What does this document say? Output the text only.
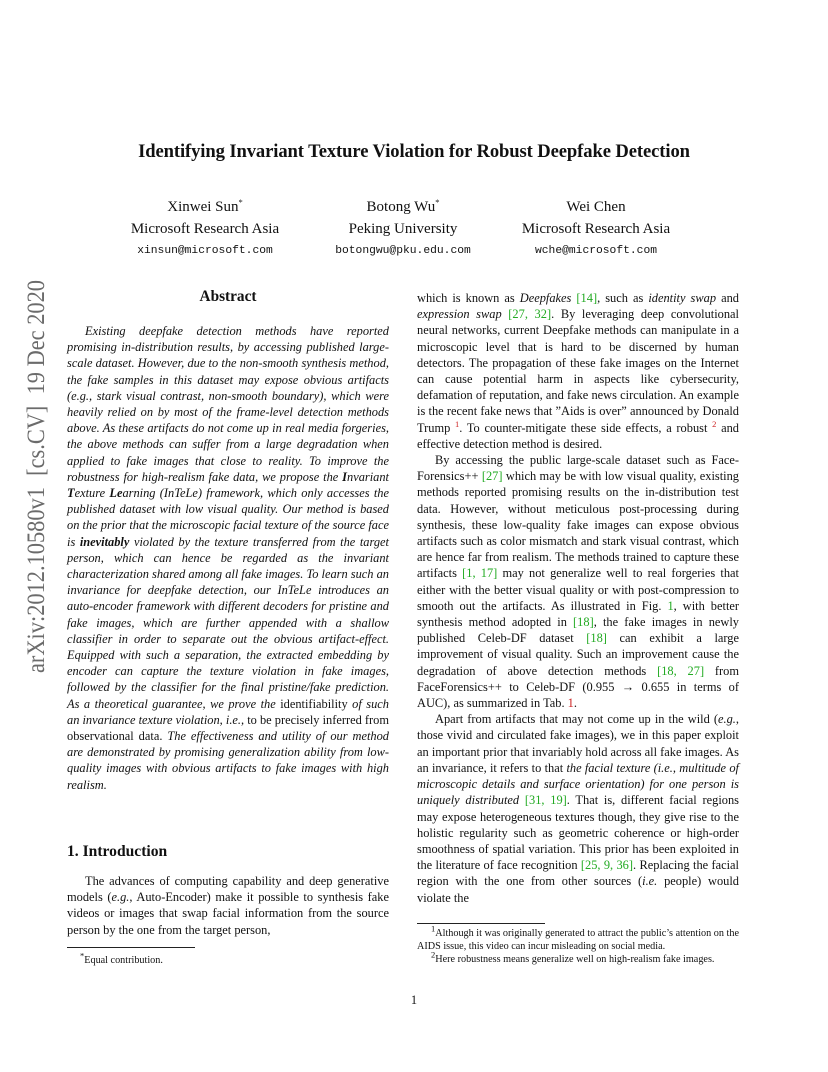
Identifying Invariant Texture Violation for Robust Deepfake Detection
Xinwei Sun*
Microsoft Research Asia
xinsun@microsoft.com
Botong Wu*
Peking University
botongwu@pku.edu.com
Wei Chen
Microsoft Research Asia
wche@microsoft.com
arXiv:2012.10580v1  [cs.CV]  19 Dec 2020	Abstract

Existing deepfake detection methods have reported promising in-distribution results, by accessing published large-scale dataset. However, due to the non-smooth synthesis method, the fake samples in this dataset may expose obvious artifacts (e.g., stark visual contrast, non-smooth boundary), which were heavily relied on by most of the frame-level detection methods above. As these artifacts do not come up in real media forgeries, the above methods can suffer from a large degradation when applied to fake images that close to reality. To improve the robustness for high-realism fake data, we propose the Invariant Texture Learning (InTeLe) framework, which only accesses the published dataset with low visual quality. Our method is based on the prior that the microscopic facial texture of the source face is inevitably violated by the texture transferred from the target person, which can hence be regarded as the invariant characterization shared among all fake images. To learn such an invariance for deepfake detection, our InTeLe introduces an auto-encoder framework with different decoders for pristine and fake images, which are further appended with a shallow classifier in order to separate out the obvious artifact-effect. Equipped with such a separation, the extracted embedding by encoder can capture the texture violation in fake images, followed by the classifier for the final pristine/fake prediction. As a theoretical guarantee, we prove the identifiability of such an invariance texture violation, i.e., to be precisely inferred from observational data. The effectiveness and utility of our method are demonstrated by promising generalization ability from low-quality images with obvious artifacts to fake images with high realism.

1. Introduction

The advances of computing capability and deep generative models (e.g., Auto-Encoder) make it possible to synthesis fake videos or images that swap facial information from the source person by the one from the target person,

*Equal contribution.

which is known as Deepfakes [14], such as identity swap and expression swap [27, 32]. By leveraging deep convolutional neural networks, current Deepfake methods can manipulate in a microscopic level that is hard to be discerned by human detectors. The propagation of these fake images on the Internet can cause potential harm in aspects like cybersecurity, defamation of reputation, and fake news circulation. An example is the recent fake news that ”Aids is over” announced by Donald Trump $^1$. To counter-mitigate these side effects, a robust $^2$ and effective detection method is desired.

By accessing the public large-scale dataset such as Face-Forensics++ [27] which may be with low visual quality, existing methods reported promising results on the in-distribution test data. However, without meticulous post-processing during synthesis, these low-quality fake images can expose obvious artifacts such as color mismatch and stark visual contrast, which are hence far from realism. The methods trained to capture these artifacts [1, 17] may not generalize well to real forgeries that either with the better visual quality or with post-compression to smooth out the artifacts. As illustrated in Fig. 1, with better synthesis method adopted in [18], the fake images in newly published Celeb-DF dataset [18] can exhibit a large improvement of visual quality. Such an improvement cause the degradation of above detection methods [18, 27] from FaceForensics++ to Celeb-DF (0.955 → 0.655 in terms of AUC), as summarized in Tab. 1.

Apart from artifacts that may not come up in the wild (e.g., those vivid and circulated fake images), we in this paper exploit an important prior that invariably hold across all fake images. As an invariance, it refers to that the facial texture (i.e., multitude of microscopic details and surface orientation) for one person is uniquely distributed [31, 19]. That is, different facial regions may expose heterogeneous textures though, they give rise to the holistic regularity such as geometric coherence or high-order smoothness of spatial variation. This prior has been exploited in the literature of face recognition [25, 9, 36]. Replacing the facial region with the one from other sources (i.e. people) would violate the

$^1$Although it was originally generated to attract the public’s attention on the AIDS issue, this video can incur misleading on social media.
$^2$Here robustness means generalize well on high-realism fake images.
1
